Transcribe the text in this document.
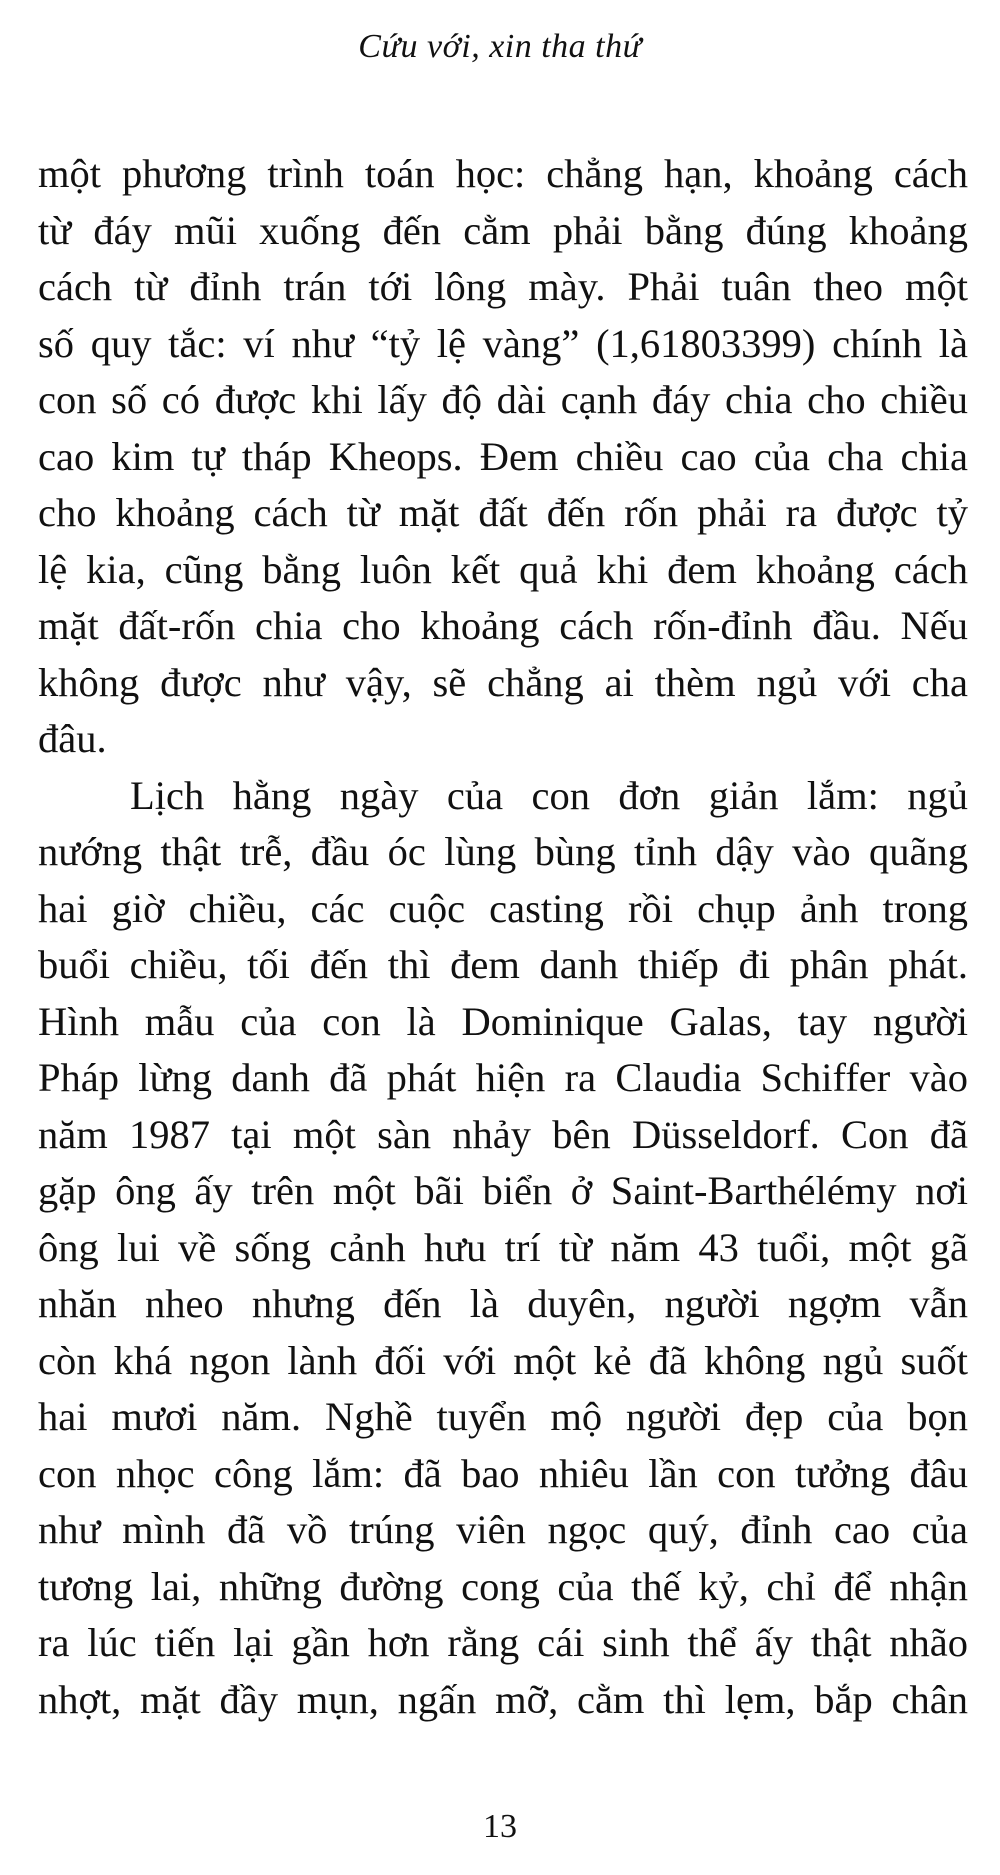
Cứu với, xin tha thứ
một phương trình toán học: chẳng hạn, khoảng cách
từ đáy mũi xuống đến cằm phải bằng đúng khoảng
cách từ đỉnh trán tới lông mày. Phải tuân theo một
số quy tắc: ví như “tỷ lệ vàng” (1,61803399) chính là
con số có được khi lấy độ dài cạnh đáy chia cho chiều
cao kim tự tháp Kheops. Đem chiều cao của cha chia
cho khoảng cách từ mặt đất đến rốn phải ra được tỷ
lệ kia, cũng bằng luôn kết quả khi đem khoảng cách
mặt đất-rốn chia cho khoảng cách rốn-đỉnh đầu. Nếu
không được như vậy, sẽ chẳng ai thèm ngủ với cha
đâu.
Lịch hằng ngày của con đơn giản lắm: ngủ
nướng thật trễ, đầu óc lùng bùng tỉnh dậy vào quãng
hai giờ chiều, các cuộc casting rồi chụp ảnh trong
buổi chiều, tối đến thì đem danh thiếp đi phân phát.
Hình mẫu của con là Dominique Galas, tay người
Pháp lừng danh đã phát hiện ra Claudia Schiffer vào
năm 1987 tại một sàn nhảy bên Düsseldorf. Con đã
gặp ông ấy trên một bãi biển ở Saint-Barthélémy nơi
ông lui về sống cảnh hưu trí từ năm 43 tuổi, một gã
nhăn nheo nhưng đến là duyên, người ngợm vẫn
còn khá ngon lành đối với một kẻ đã không ngủ suốt
hai mươi năm. Nghề tuyển mộ người đẹp của bọn
con nhọc công lắm: đã bao nhiêu lần con tưởng đâu
như mình đã vồ trúng viên ngọc quý, đỉnh cao của
tương lai, những đường cong của thế kỷ, chỉ để nhận
ra lúc tiến lại gần hơn rằng cái sinh thể ấy thật nhão
nhợt, mặt đầy mụn, ngấn mỡ, cằm thì lẹm, bắp chân
13
